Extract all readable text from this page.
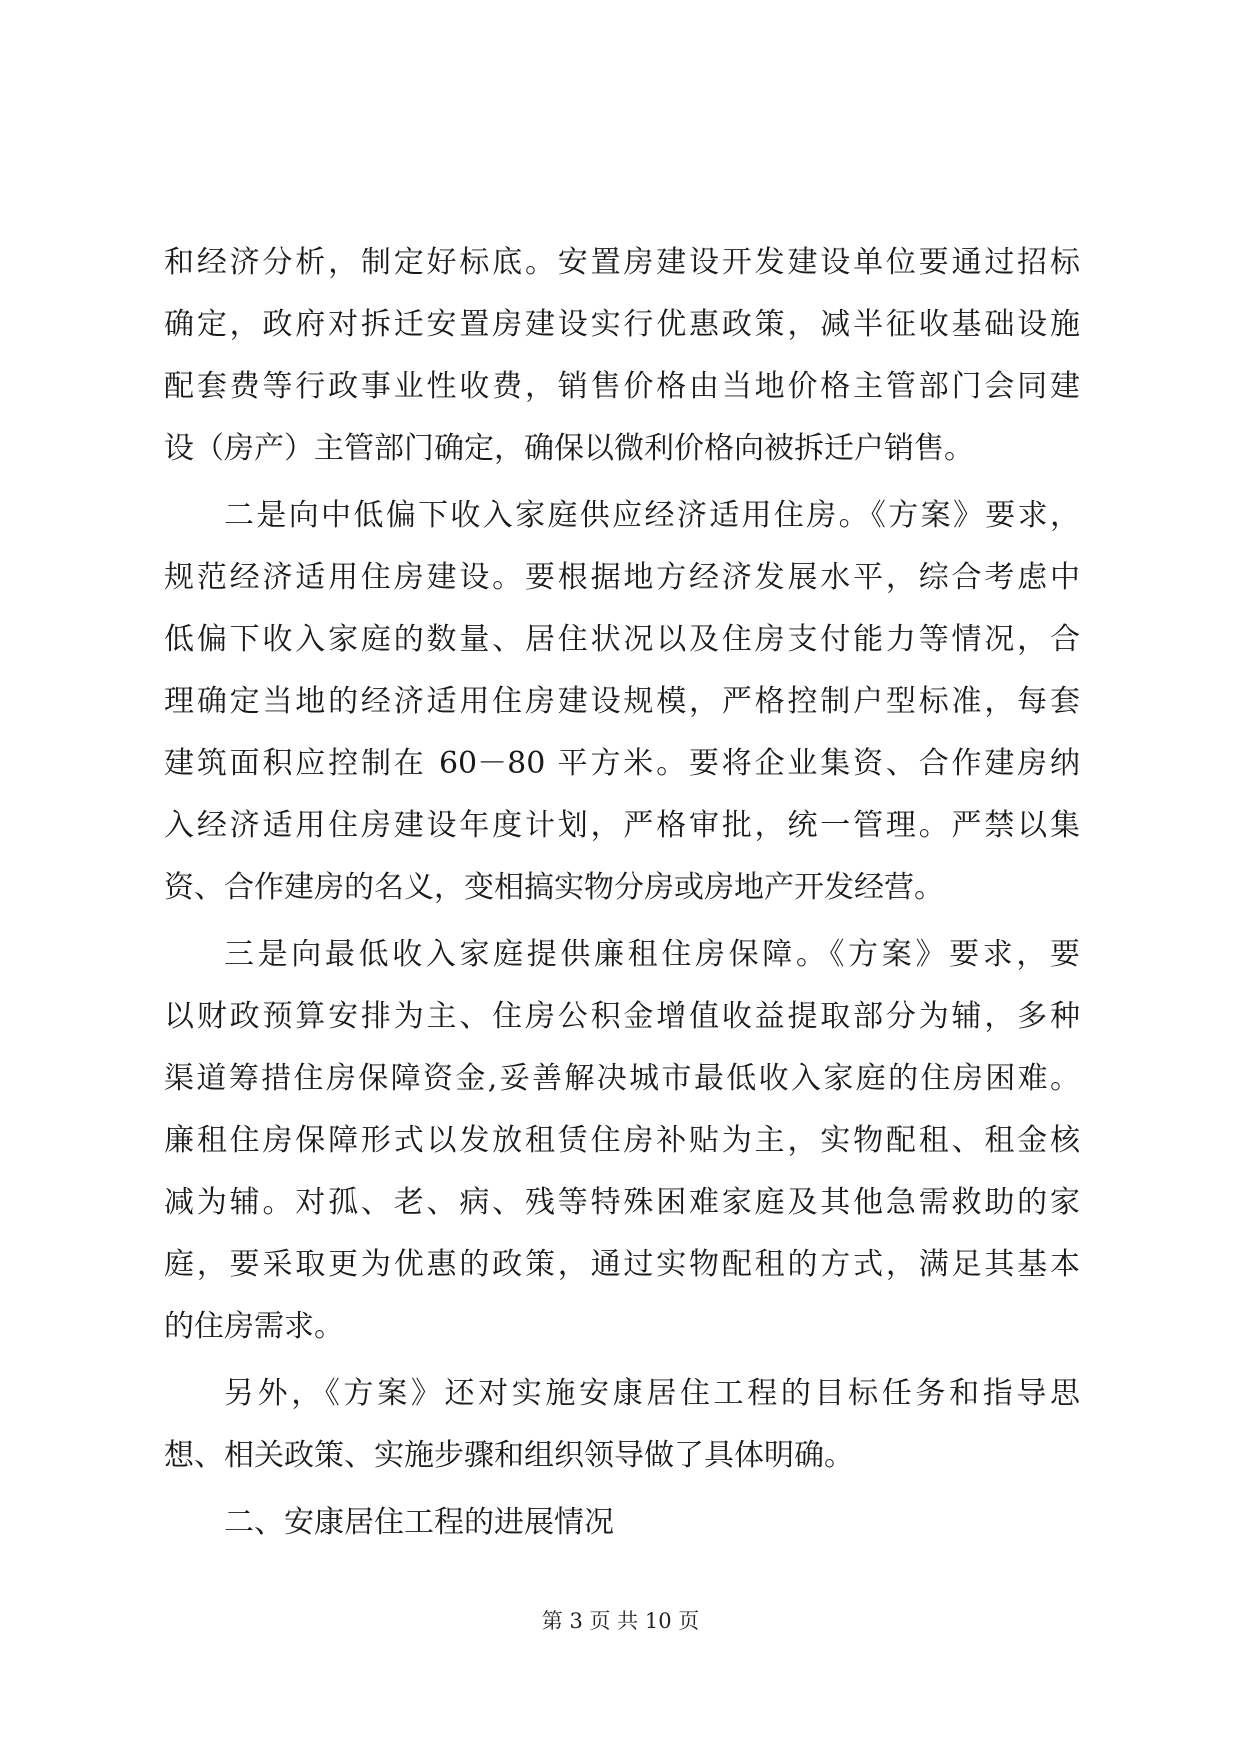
和经济分析，制定好标底。安置房建设开发建设单位要通过招标
确定，政府对拆迁安置房建设实行优惠政策，减半征收基础设施
配套费等行政事业性收费，销售价格由当地价格主管部门会同建
设（房产）主管部门确定，确保以微利价格向被拆迁户销售。
二是向中低偏下收入家庭供应经济适用住房。《方案》要求，
规范经济适用住房建设。要根据地方经济发展水平，综合考虑中
低偏下收入家庭的数量、居住状况以及住房支付能力等情况，合
理确定当地的经济适用住房建设规模，严格控制户型标准，每套
建筑面积应控制在 60－80 平方米。要将企业集资、合作建房纳
入经济适用住房建设年度计划，严格审批，统一管理。严禁以集
资、合作建房的名义，变相搞实物分房或房地产开发经营。
三是向最低收入家庭提供廉租住房保障。《方案》要求，要
以财政预算安排为主、住房公积金增值收益提取部分为辅，多种
渠道筹措住房保障资金,妥善解决城市最低收入家庭的住房困难。
廉租住房保障形式以发放租赁住房补贴为主，实物配租、租金核
减为辅。对孤、老、病、残等特殊困难家庭及其他急需救助的家
庭，要采取更为优惠的政策，通过实物配租的方式，满足其基本
的住房需求。
另外，《方案》还对实施安康居住工程的目标任务和指导思
想、相关政策、实施步骤和组织领导做了具体明确。
二、安康居住工程的进展情况
第 3 页 共 10 页
